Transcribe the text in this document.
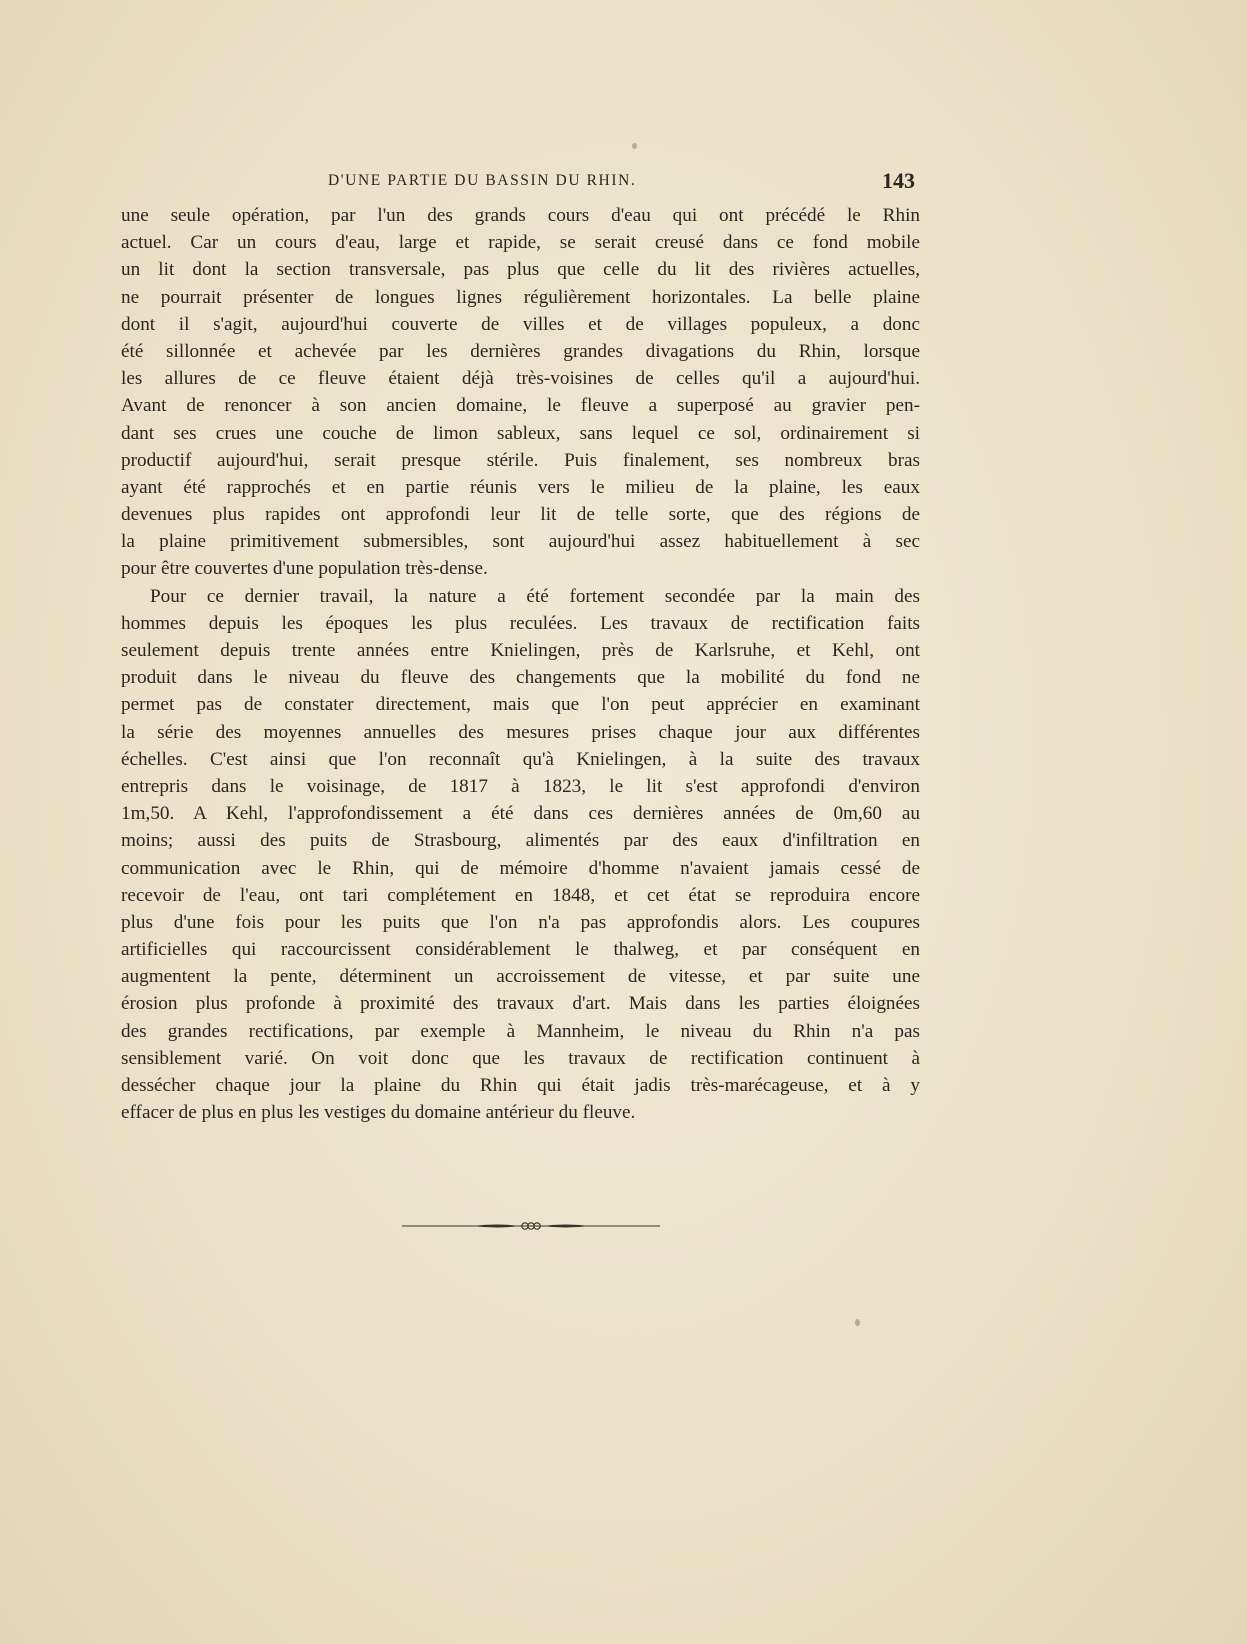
D'UNE PARTIE DU BASSIN DU RHIN.	143
une seule opération, par l'un des grands cours d'eau qui ont précédé le Rhin
actuel. Car un cours d'eau, large et rapide, se serait creusé dans ce fond mobile
un lit dont la section transversale, pas plus que celle du lit des rivières actuelles,
ne pourrait présenter de longues lignes régulièrement horizontales. La belle plaine
dont il s'agit, aujourd'hui couverte de villes et de villages populeux, a donc
été sillonnée et achevée par les dernières grandes divagations du Rhin, lorsque
les allures de ce fleuve étaient déjà très-voisines de celles qu'il a aujourd'hui.
Avant de renoncer à son ancien domaine, le fleuve a superposé au gravier pen-
dant ses crues une couche de limon sableux, sans lequel ce sol, ordinairement si
productif aujourd'hui, serait presque stérile. Puis finalement, ses nombreux bras
ayant été rapprochés et en partie réunis vers le milieu de la plaine, les eaux
devenues plus rapides ont approfondi leur lit de telle sorte, que des régions de
la plaine primitivement submersibles, sont aujourd'hui assez habituellement à sec
pour être couvertes d'une population très-dense.
Pour ce dernier travail, la nature a été fortement secondée par la main des
hommes depuis les époques les plus reculées. Les travaux de rectification faits
seulement depuis trente années entre Knielingen, près de Karlsruhe, et Kehl, ont
produit dans le niveau du fleuve des changements que la mobilité du fond ne
permet pas de constater directement, mais que l'on peut apprécier en examinant
la série des moyennes annuelles des mesures prises chaque jour aux différentes
échelles. C'est ainsi que l'on reconnaît qu'à Knielingen, à la suite des travaux
entrepris dans le voisinage, de 1817 à 1823, le lit s'est approfondi d'environ
1m,50. A Kehl, l'approfondissement a été dans ces dernières années de 0m,60 au
moins; aussi des puits de Strasbourg, alimentés par des eaux d'infiltration en
communication avec le Rhin, qui de mémoire d'homme n'avaient jamais cessé de
recevoir de l'eau, ont tari complétement en 1848, et cet état se reproduira encore
plus d'une fois pour les puits que l'on n'a pas approfondis alors. Les coupures
artificielles qui raccourcissent considérablement le thalweg, et par conséquent en
augmentent la pente, déterminent un accroissement de vitesse, et par suite une
érosion plus profonde à proximité des travaux d'art. Mais dans les parties éloignées
des grandes rectifications, par exemple à Mannheim, le niveau du Rhin n'a pas
sensiblement varié. On voit donc que les travaux de rectification continuent à
dessécher chaque jour la plaine du Rhin qui était jadis très-marécageuse, et à y
effacer de plus en plus les vestiges du domaine antérieur du fleuve.
